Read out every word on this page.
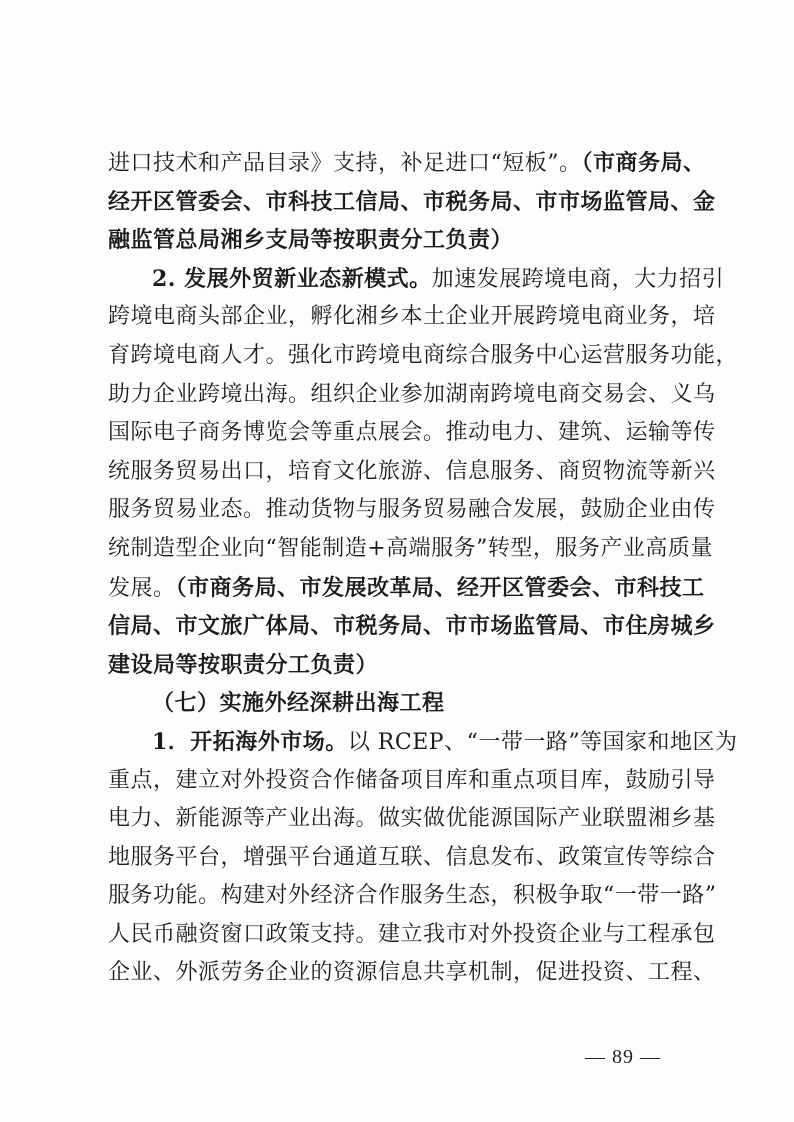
进口技术和产品目录》支持，补足进口“短板”。（市商务局、
经开区管委会、市科技工信局、市税务局、市市场监管局、金
融监管总局湘乡支局等按职责分工负责）
2. 发展外贸新业态新模式。加速发展跨境电商，大力招引
跨境电商头部企业，孵化湘乡本土企业开展跨境电商业务，培
育跨境电商人才。强化市跨境电商综合服务中心运营服务功能，
助力企业跨境出海。组织企业参加湖南跨境电商交易会、义乌
国际电子商务博览会等重点展会。推动电力、建筑、运输等传
统服务贸易出口，培育文化旅游、信息服务、商贸物流等新兴
服务贸易业态。推动货物与服务贸易融合发展，鼓励企业由传
统制造型企业向“智能制造+高端服务”转型，服务产业高质量
发展。（市商务局、市发展改革局、经开区管委会、市科技工
信局、市文旅广体局、市税务局、市市场监管局、市住房城乡
建设局等按职责分工负责）
（七）实施外经深耕出海工程
1．开拓海外市场。以 RCEP、“一带一路”等国家和地区为
重点，建立对外投资合作储备项目库和重点项目库，鼓励引导
电力、新能源等产业出海。做实做优能源国际产业联盟湘乡基
地服务平台，增强平台通道互联、信息发布、政策宣传等综合
服务功能。构建对外经济合作服务生态，积极争取“一带一路”
人民币融资窗口政策支持。建立我市对外投资企业与工程承包
企业、外派劳务企业的资源信息共享机制，促进投资、工程、
— 89 —
